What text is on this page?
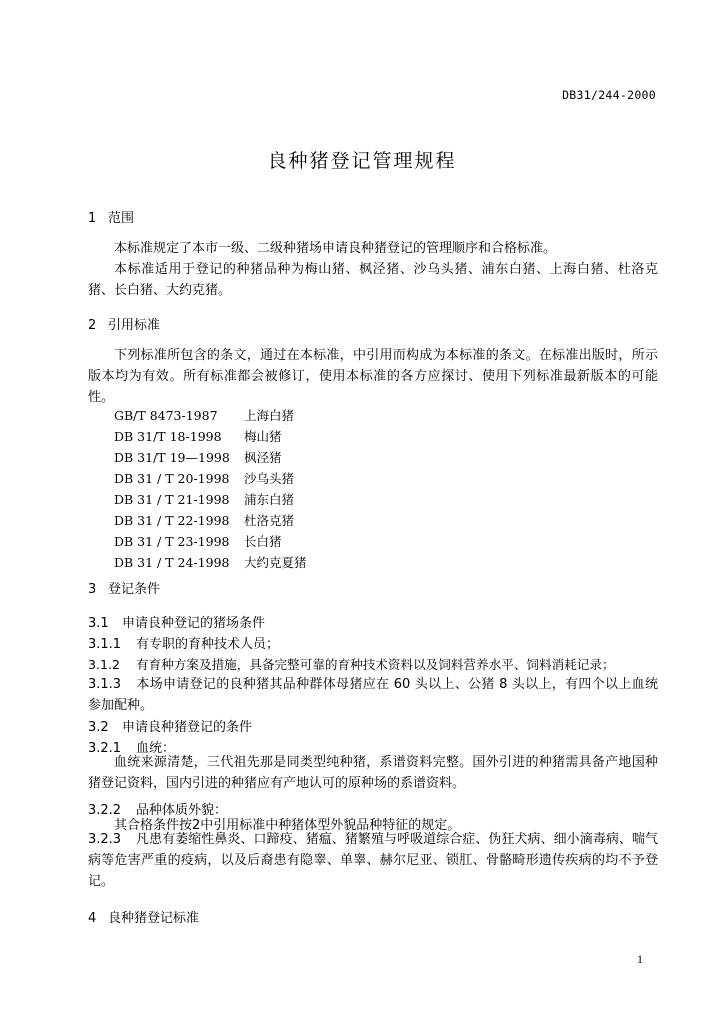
DB31/244-2000
良种猪登记管理规程
1 范围
本标准规定了本市一级、二级种猪场申请良种猪登记的管理顺序和合格标准。
本标准适用于登记的种猪品种为梅山猪、枫泾猪、沙乌头猪、浦东白猪、上海白猪、杜洛克猪、长白猪、大约克猪。
2 引用标准
下列标准所包含的条文，通过在本标准，中引用而构成为本标准的条文。在标准出版时，所示版本均为有效。所有标准都会被修订，使用本标准的各方应探讨、使用下列标准最新版本的可能性。
GB/T 8473-1987 上海白猪
DB 31/T 18-1998 梅山猪
DB 31/T 19—1998 枫泾猪
DB 31 / T 20-1998 沙乌头猪
DB 31 / T 21-1998 浦东白猪
DB 31 / T 22-1998 杜洛克猪
DB 31 / T 23-1998 长白猪
DB 31 / T 24-1998 大约克夏猪
3 登记条件
3.1 申请良种登记的猪场条件
3.1.1 有专职的育种技术人员；
3.1.2 有育种方案及措施，具备完整可靠的育种技术资料以及饲料营养水平、饲料消耗记录；
3.1.3 本场申请登记的良种猪其品种群体母猪应在 60 头以上、公猪 8 头以上，有四个以上血统参加配种。
3.2 申请良种猪登记的条件
3.2.1 血统：
血统来源清楚，三代祖先那是同类型纯种猪，系谱资料完整。国外引进的种猪需具备产地国种猪登记资料，国内引进的种猪应有产地认可的原种场的系谱资料。
3.2.2 品种体质外貌：
其合格条件按2中引用标准中种猪体型外貌品种特征的规定。
3.2.3 凡患有萎缩性鼻炎、口蹄疫、猪瘟、猪繁殖与呼吸道综合症、伪狂犬病、细小滴毒病、喘气病等危害严重的疫病，以及后裔患有隐睾、单睾、赫尔尼亚、锁肛、骨骼畸形遗传疾病的均不予登记。
4 良种猪登记标准
1
